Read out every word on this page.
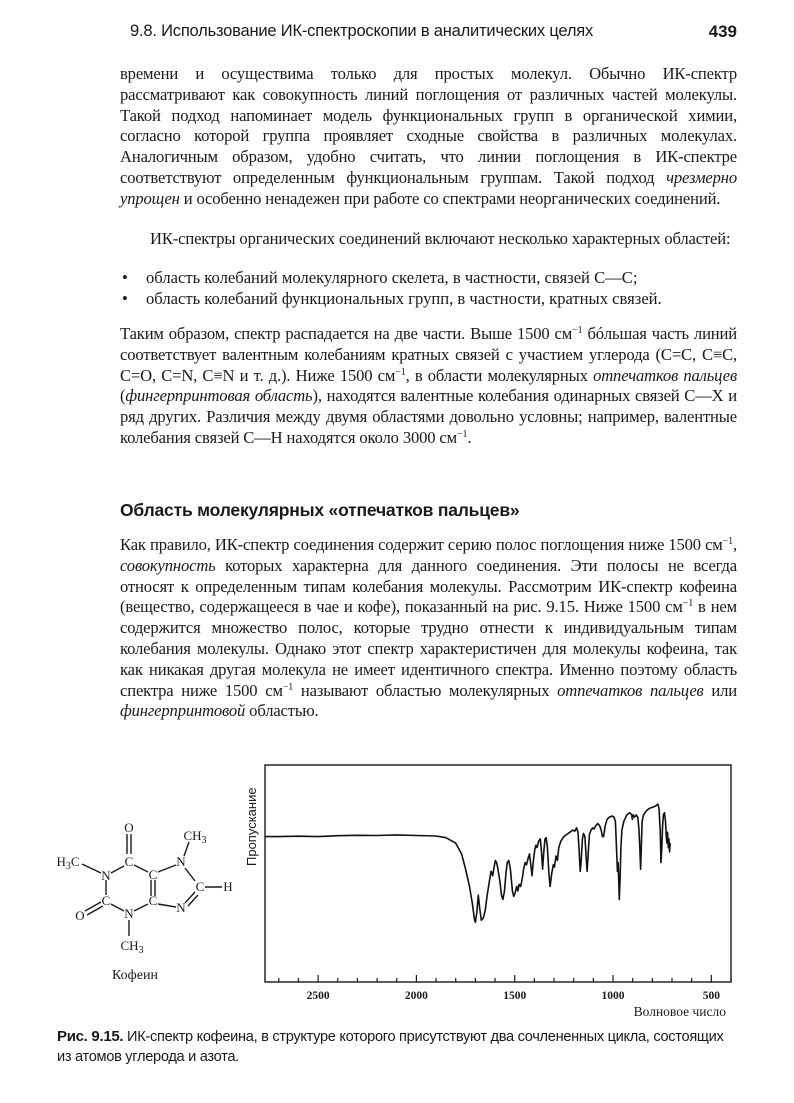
9.8. Использование ИК-спектроскопии в аналитических целях	439

времени и осуществима только для простых молекул. Обычно ИК-спектр рассматривают как совокупность линий поглощения от различных частей молекулы. Такой подход напоминает модель функциональных групп в органической химии, согласно которой группа проявляет сходные свойства в различных молекулах. Аналогичным образом, удобно считать, что линии поглощения в ИК-спектре соответствуют определенным функциональным группам. Такой подход чрезмерно упрощен и особенно ненадежен при работе со спектрами неорганических соединений.

ИК-спектры органических соединений включают несколько характерных областей:

• область колебаний молекулярного скелета, в частности, связей C—C;
• область колебаний функциональных групп, в частности, кратных связей.

Таким образом, спектр распадается на две части. Выше 1500 $см^{-1}$ бóльшая часть линий соответствует валентным колебаниям кратных связей с участием углерода (C=C, C≡C, C=O, C=N, C≡N и т. д.). Ниже 1500 $см^{-1}$, в области молекулярных отпечатков пальцев (фингерпринтовая область), находятся валентные колебания одинарных связей C—X и ряд других. Различия между двумя областями довольно условны; например, валентные колебания связей C—H находятся около 3000 $см^{-1}$.

Область молекулярных «отпечатков пальцев»

Как правило, ИК-спектр соединения содержит серию полос поглощения ниже 1500 $см^{-1}$, совокупность которых характерна для данного соединения. Эти полосы не всегда относят к определенным типам колебания молекулы. Рассмотрим ИК-спектр кофеина (вещество, содержащееся в чае и кофе), показанный на рис. 9.15. Ниже 1500 $см^{-1}$ в нем содержится множество полос, которые трудно отнести к индивидуальным типам колебания молекулы. Однако этот спектр характеристичен для молекулы кофеина, так как никакая другая молекула не имеет идентичного спектра. Именно поэтому область спектра ниже 1500 $см^{-1}$ называют областью молекулярных отпечатков пальцев или фингерпринтовой областью.

O
C
N
$H_3C$
C
O	N
$CH_3$
C
C
N
$CH_3$
C H
N
Кофеин
2500	2000	1500	1000	500
Волновое число
Пропускание
Рис. 9.15. ИК-спектр кофеина, в структуре которого присутствуют два сочлененных цикла, состоящих из атомов углерода и азота.
